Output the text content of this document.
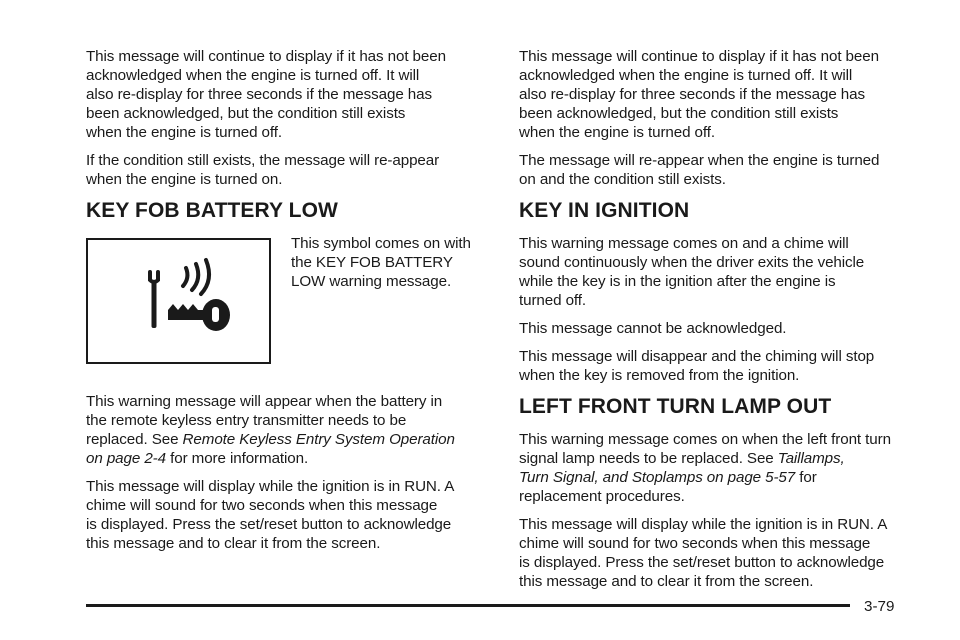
This message will continue to display if it has not been
acknowledged when the engine is turned off. It will
also re-display for three seconds if the message has
been acknowledged, but the condition still exists
when the engine is turned off.

If the condition still exists, the message will re-appear
when the engine is turned on.

KEY FOB BATTERY LOW

This symbol comes on with
the KEY FOB BATTERY
LOW warning message.

This warning message will appear when the battery in
the remote keyless entry transmitter needs to be
replaced. See Remote Keyless Entry System Operation
on page 2-4 for more information.

This message will display while the ignition is in RUN. A
chime will sound for two seconds when this message
is displayed. Press the set/reset button to acknowledge
this message and to clear it from the screen.

This message will continue to display if it has not been
acknowledged when the engine is turned off. It will
also re-display for three seconds if the message has
been acknowledged, but the condition still exists
when the engine is turned off.

The message will re-appear when the engine is turned
on and the condition still exists.

KEY IN IGNITION

This warning message comes on and a chime will
sound continuously when the driver exits the vehicle
while the key is in the ignition after the engine is
turned off.

This message cannot be acknowledged.

This message will disappear and the chiming will stop
when the key is removed from the ignition.

LEFT FRONT TURN LAMP OUT

This warning message comes on when the left front turn
signal lamp needs to be replaced. See Taillamps,
Turn Signal, and Stoplamps on page 5-57 for
replacement procedures.

This message will display while the ignition is in RUN. A
chime will sound for two seconds when this message
is displayed. Press the set/reset button to acknowledge
this message and to clear it from the screen.

3-79
